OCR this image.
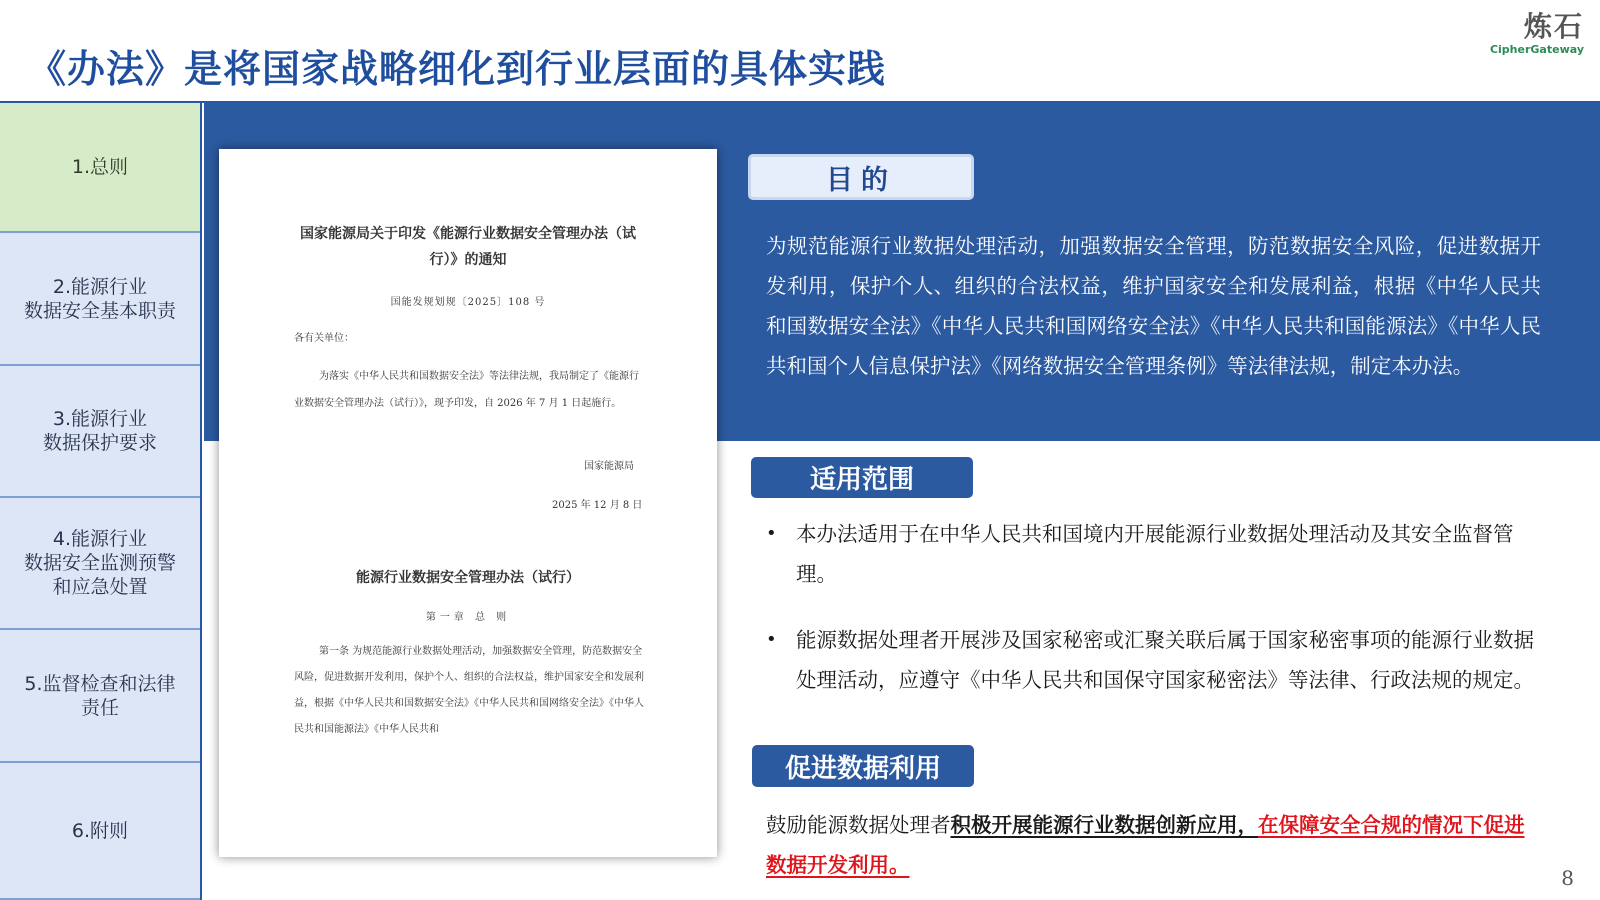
《办法》是将国家战略细化到行业层面的具体实践
炼石
CipherGateway
1.总则
2.能源行业
数据安全基本职责
3.能源行业
数据保护要求
4.能源行业
数据安全监测预警
和应急处置
5.监督检查和法律
责任
6.附则
国家能源局关于印发《能源行业数据安全管理办法（试行）》的通知
国能发规划规〔2025〕108 号
各有关单位：
为落实《中华人民共和国数据安全法》等法律法规，我局制定了《能源行业数据安全管理办法（试行）》，现予印发，自 2026 年 7 月 1 日起施行。
国家能源局
2025 年 12 月 8 日
能源行业数据安全管理办法（试行）
第一章 总 则
第一条 为规范能源行业数据处理活动，加强数据安全管理，防范数据安全风险，促进数据开发利用，保护个人、组织的合法权益，维护国家安全和发展利益，根据《中华人民共和国数据安全法》《中华人民共和国网络安全法》《中华人民共和国能源法》《中华人民共和
目的
为规范能源行业数据处理活动，加强数据安全管理，防范数据安全风险，促进数据开发利用，保护个人、组织的合法权益，维护国家安全和发展利益，根据《中华人民共和国数据安全法》《中华人民共和国网络安全法》《中华人民共和国能源法》《中华人民共和国个人信息保护法》《网络数据安全管理条例》等法律法规，制定本办法。
适用范围
• 本办法适用于在中华人民共和国境内开展能源行业数据处理活动及其安全监督管理。
• 能源数据处理者开展涉及国家秘密或汇聚关联后属于国家秘密事项的能源行业数据处理活动，应遵守《中华人民共和国保守国家秘密法》等法律、行政法规的规定。
促进数据利用
鼓励能源数据处理者积极开展能源行业数据创新应用，在保障安全合规的情况下促进数据开发利用。
8
